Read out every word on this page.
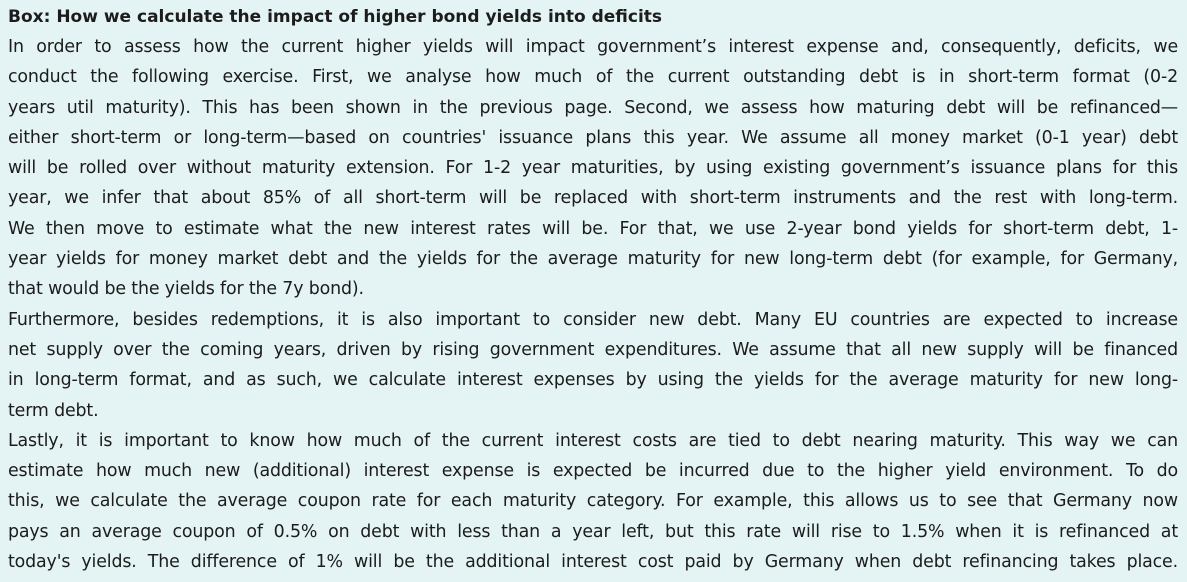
Box: How we calculate the impact of higher bond yields into deficits
In order to assess how the current higher yields will impact government’s interest expense and, consequently, deficits, we
conduct the following exercise. First, we analyse how much of the current outstanding debt is in short-term format (0-2
years util maturity). This has been shown in the previous page. Second, we assess how maturing debt will be refinanced—
either short-term or long-term—based on countries' issuance plans this year. We assume all money market (0-1 year) debt
will be rolled over without maturity extension. For 1-2 year maturities, by using existing government’s issuance plans for this
year, we infer that about 85% of all short-term will be replaced with short-term instruments and the rest with long-term.
We then move to estimate what the new interest rates will be. For that, we use 2-year bond yields for short-term debt, 1-
year yields for money market debt and the yields for the average maturity for new long-term debt (for example, for Germany,
that would be the yields for the 7y bond).
Furthermore, besides redemptions, it is also important to consider new debt. Many EU countries are expected to increase
net supply over the coming years, driven by rising government expenditures. We assume that all new supply will be financed
in long-term format, and as such, we calculate interest expenses by using the yields for the average maturity for new long-
term debt.
Lastly, it is important to know how much of the current interest costs are tied to debt nearing maturity. This way we can
estimate how much new (additional) interest expense is expected be incurred due to the higher yield environment. To do
this, we calculate the average coupon rate for each maturity category. For example, this allows us to see that Germany now
pays an average coupon of 0.5% on debt with less than a year left, but this rate will rise to 1.5% when it is refinanced at
today's yields. The difference of 1% will be the additional interest cost paid by Germany when debt refinancing takes place.
